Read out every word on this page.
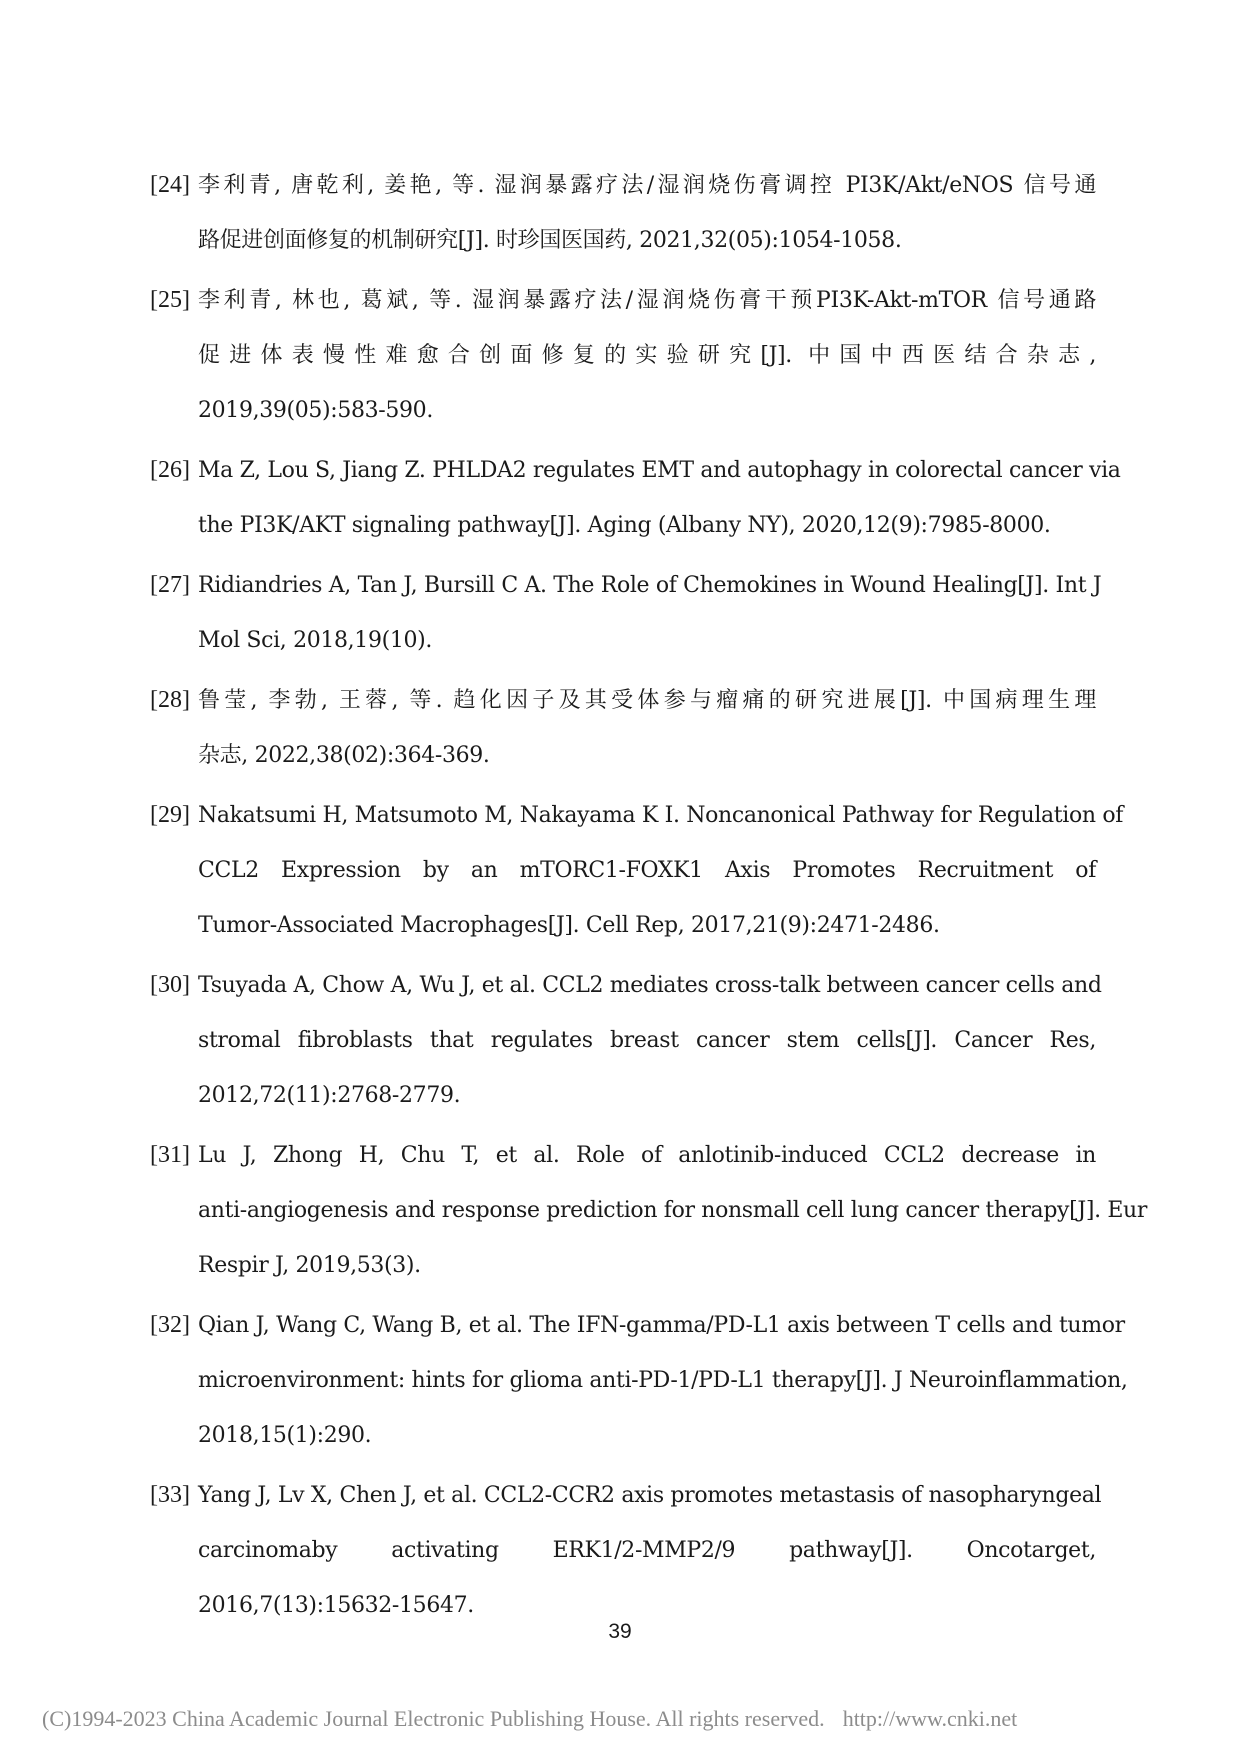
[24] 李利青, 唐乾利, 姜艳, 等. 湿润暴露疗法/湿润烧伤膏调控 PI3K/Akt/eNOS 信号通
路促进创面修复的机制研究[J]. 时珍国医国药, 2021,32(05):1054-1058.
[25] 李利青, 林也, 葛斌, 等. 湿润暴露疗法/湿润烧伤膏干预PI3K-Akt-mTOR 信号通路
促进体表慢性难愈合创面修复的实验研究[J]. 中国中西医结合杂志,
2019,39(05):583-590.
[26] Ma Z, Lou S, Jiang Z. PHLDA2 regulates EMT and autophagy in colorectal cancer via
the PI3K/AKT signaling pathway[J]. Aging (Albany NY), 2020,12(9):7985-8000.
[27] Ridiandries A, Tan J, Bursill C A. The Role of Chemokines in Wound Healing[J]. Int J
Mol Sci, 2018,19(10).
[28] 鲁莹, 李勃, 王蓉, 等. 趋化因子及其受体参与瘤痛的研究进展[J]. 中国病理生理
杂志, 2022,38(02):364-369.
[29] Nakatsumi H, Matsumoto M, Nakayama K I. Noncanonical Pathway for Regulation of
CCL2 Expression by an mTORC1-FOXK1 Axis Promotes Recruitment of
Tumor-Associated Macrophages[J]. Cell Rep, 2017,21(9):2471-2486.
[30] Tsuyada A, Chow A, Wu J, et al. CCL2 mediates cross-talk between cancer cells and
stromal fibroblasts that regulates breast cancer stem cells[J]. Cancer Res,
2012,72(11):2768-2779.
[31] Lu J, Zhong H, Chu T, et al. Role of anlotinib-induced CCL2 decrease in
anti-angiogenesis and response prediction for nonsmall cell lung cancer therapy[J]. Eur
Respir J, 2019,53(3).
[32] Qian J, Wang C, Wang B, et al. The IFN-gamma/PD-L1 axis between T cells and tumor
microenvironment: hints for glioma anti-PD-1/PD-L1 therapy[J]. J Neuroinflammation,
2018,15(1):290.
[33] Yang J, Lv X, Chen J, et al. CCL2-CCR2 axis promotes metastasis of nasopharyngeal
carcinomaby activating ERK1/2-MMP2/9 pathway[J]. Oncotarget,
2016,7(13):15632-15647.
39
(C)1994-2023 China Academic Journal Electronic Publishing House. All rights reserved. http://www.cnki.net
